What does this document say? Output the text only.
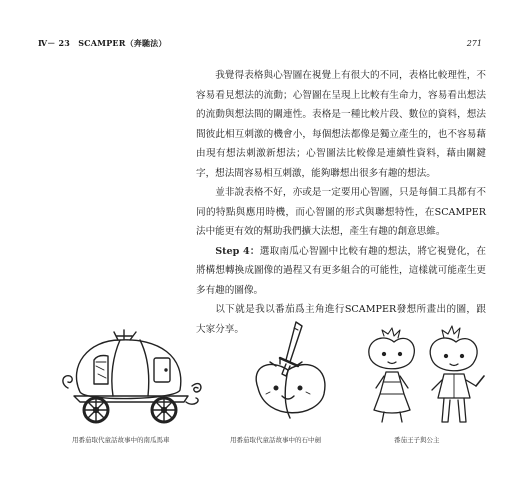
Ⅳ－ 23　SCAMPER（奔馳法）	271

我覺得表格與心智圖在視覺上有很大的不同，表格比較理性，不容易看見想法的流動；心智圖在呈現上比較有生命力，容易看出想法的流動與想法間的關連性。表格是一種比較片段、數位的資料，想法間彼此相互刺激的機會小，每個想法都像是獨立產生的，也不容易藉由現有想法刺激新想法；心智圖法比較像是連續性資料，藉由關鍵字，想法間容易相互刺激，能夠聯想出很多有趣的想法。

並非說表格不好，亦或是一定要用心智圖，只是每個工具都有不同的特點與應用時機，而心智圖的形式與聯想特性，在SCAMPER法中能更有效的幫助我們擴大法想，產生有趣的創意思維。

Step 4：選取南瓜心智圖中比較有趣的想法，將它視覺化，在將構想轉換成圖像的過程又有更多組合的可能性，這樣就可能產生更多有趣的圖像。

以下就是我以番茄爲主角進行SCAMPER發想所畫出的圖，跟大家分享。

用番茄取代童話故事中的南瓜馬車	用番茄取代童話故事中的石中劍	番茄王子與公主
